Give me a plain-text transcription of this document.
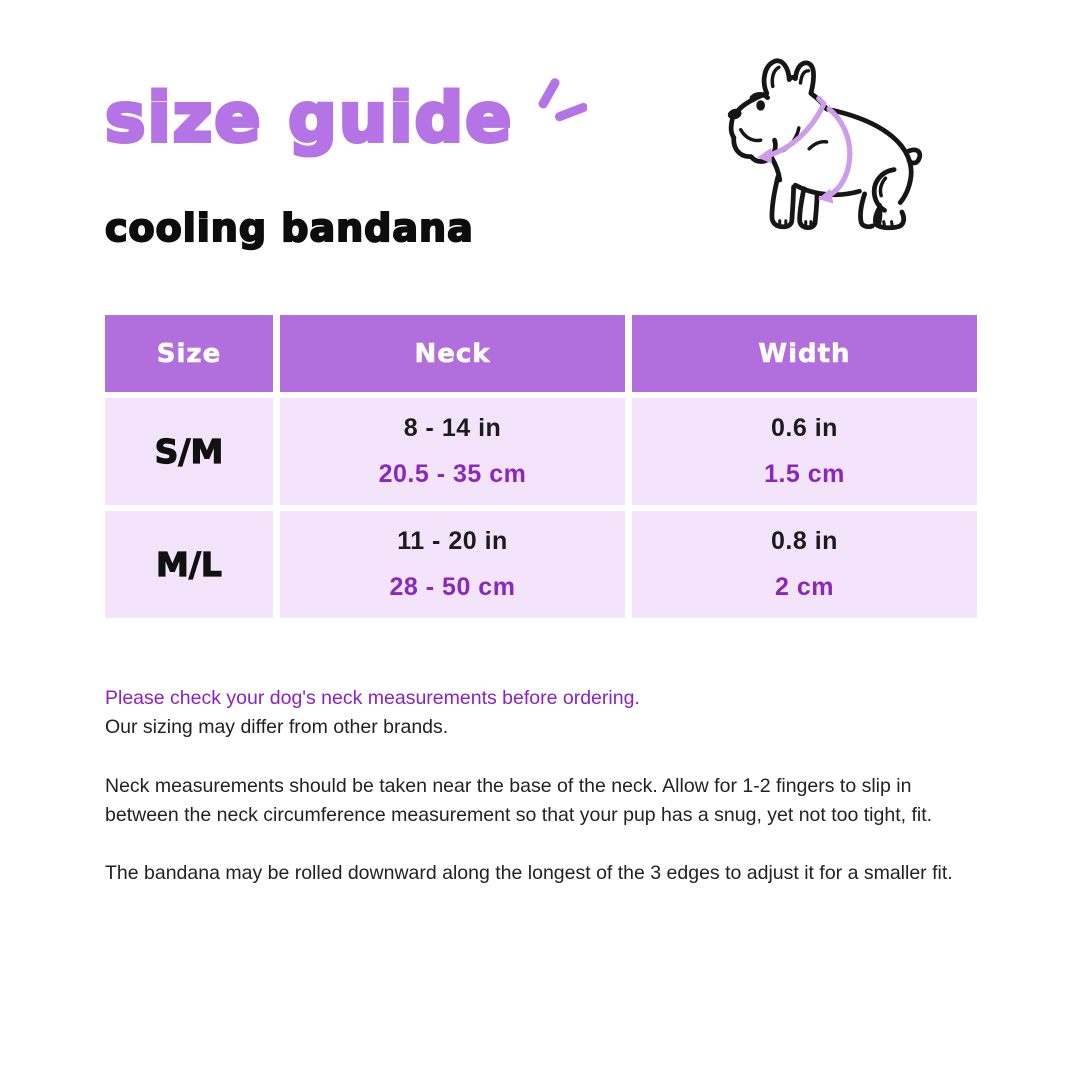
size guide
cooling bandana
Size	Neck	Width
S/M
8 - 14 in
20.5 - 35 cm
0.6 in
1.5 cm
M/L
11 - 20 in
28 - 50 cm
0.8 in
2 cm

Please check your dog's neck measurements before ordering.
Our sizing may differ from other brands.

Neck measurements should be taken near the base of the neck. Allow for 1-2 fingers to slip in between the neck circumference measurement so that your pup has a snug, yet not too tight, fit.

The bandana may be rolled downward along the longest of the 3 edges to adjust it for a smaller fit.
